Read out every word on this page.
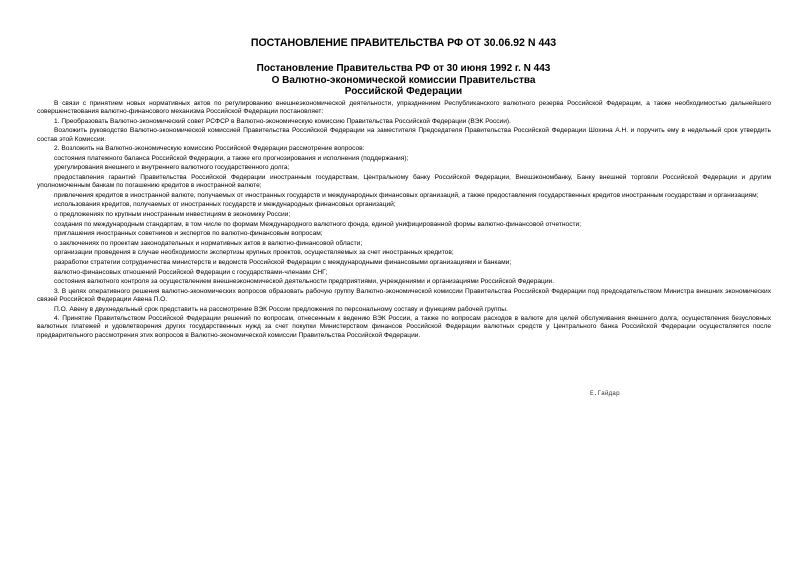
ПОСТАНОВЛЕНИЕ ПРАВИТЕЛЬСТВА РФ ОТ 30.06.92 N 443
Постановление Правительства РФ от 30 июня 1992 г. N 443
О Валютно-экономической комиссии Правительства
Российской Федерации

В связи с принятием новых нормативных актов по регулированию внешнеэкономической деятельности, упразднением Республиканского валютного резерва Российской Федерации, а также необходимостью дальнейшего совершенствования валютно-финансового механизма Российской Федерации постановляет:

1. Преобразовать Валютно-экономический совет РСФСР в Валютно-экономическую комиссию Правительства Российской Федерации (ВЭК России).

Возложить руководство Валютно-экономической комиссией Правительства Российской Федерации на заместителя Председателя Правительства Российской Федерации Шохина А.Н. и поручить ему в недельный срок утвердить состав этой Комиссии.

2. Возложить на Валютно-экономическую комиссию Российской Федерации рассмотрение вопросов:

состояния платежного баланса Российской Федерации, а также его прогнозирования и исполнения (поддержания);

урегулирования внешнего и внутреннего валютного государственного долга;

предоставления гарантий Правительства Российской Федерации иностранным государствам, Центральному банку Российской Федерации, Внешэкономбанку, Банку внешней торговли Российской Федерации и другим уполномоченным банкам по погашению кредитов в иностранной валюте;

привлечения кредитов в иностранной валюте, получаемых от иностранных государств и международных финансовых организаций, а также предоставления государственных кредитов иностранным государствам и организациям;

использования кредитов, получаемых от иностранных государств и международных финансовых организаций;

о предложениях по крупным иностранным инвестициям в экономику России;

создания по международным стандартам, в том числе по формам Международного валютного фонда, единой унифицированной формы валютно-финансовой отчетности;

приглашения иностранных советников и экспертов по валютно-финансовым вопросам;

о заключениях по проектам законодательных и нормативных актов в валютно-финансовой области;

организации проведения в случае необходимости экспертизы крупных проектов, осуществляемых за счет иностранных кредитов;

разработки стратегии сотрудничества министерств и ведомств Российской Федерации с международными финансовыми организациями и банками;

валютно-финансовых отношений Российской Федерации с государствами-членами СНГ;

состояния валютного контроля за осуществлением внешнеэкономической деятельности предприятиями, учреждениями и организациями Российской Федерации.

3. В целях оперативного решения валютно-экономических вопросов образовать рабочую группу Валютно-экономической комиссии Правительства Российской Федерации под председательством Министра внешних экономических связей Российской Федерации Авена П.О.

П.О. Авену в двухнедельный срок представить на рассмотрение ВЭК России предложения по персональному составу и функциям рабочей группы.

4. Принятие Правительством Российской Федерации решений по вопросам, отнесенным к ведению ВЭК России, а также по вопросам расходов в валюте для целей обслуживания внешнего долга, осуществления безусловных валютных платежей и удовлетворения других государственных нужд за счет покупки Министерством финансов Российской Федерации валютных средств у Центрального банка Российской Федерации осуществляется после предварительного рассмотрения этих вопросов в Валютно-экономической комиссии Правительства Российской Федерации.

Е.Гайдар
